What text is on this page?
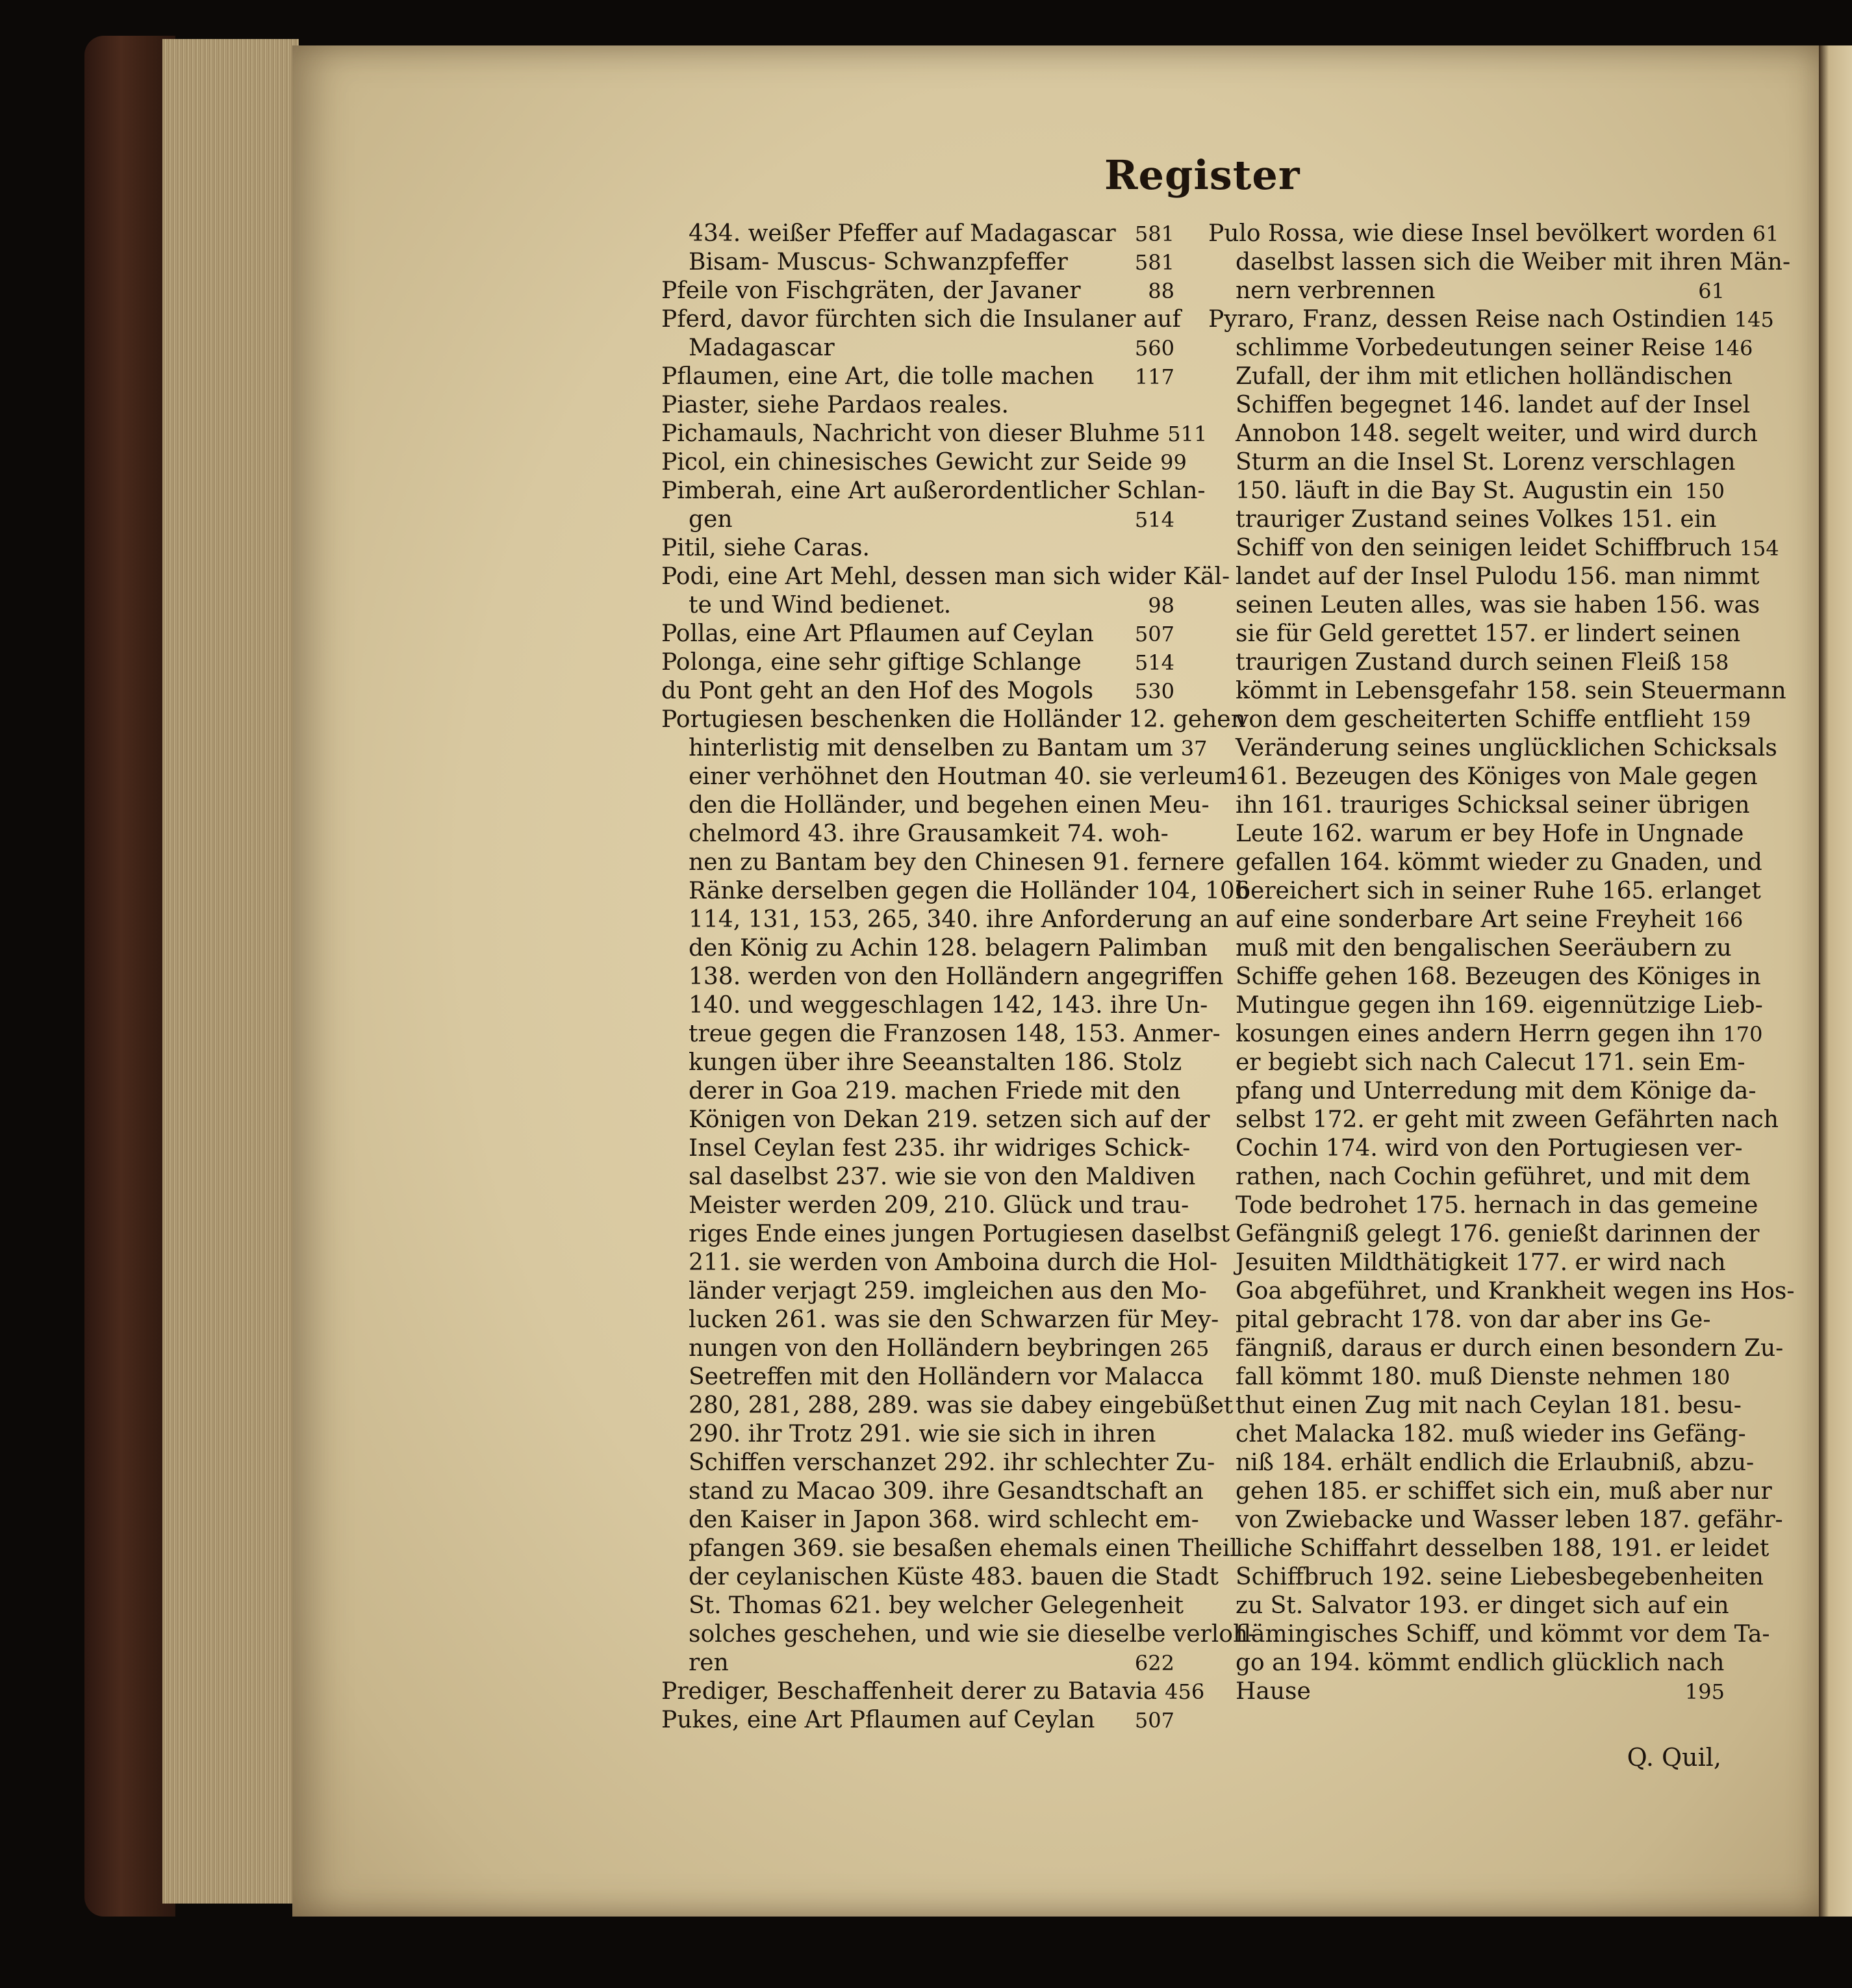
Register
434. weißer Pfeffer auf Madagascar 581
Bisam- Muscus- Schwanzpfeffer	581
Pfeile von Fischgräten, der Javaner	88
Pferd, davor fürchten sich die Insulaner auf
Madagascar	560
Pflaumen, eine Art, die tolle machen	117
Piaster, siehe Pardaos reales.
Pichamauls, Nachricht von dieser Bluhme 511
Picol, ein chinesisches Gewicht zur Seide 99
Pimberah, eine Art außerordentlicher Schlan-
gen	514
Pitil, siehe Caras.
Podi, eine Art Mehl, dessen man sich wider Käl-
te und Wind bedienet.	98
Pollas, eine Art Pflaumen auf Ceylan	507
Polonga, eine sehr giftige Schlange	514
du Pont geht an den Hof des Mogols	530
Portugiesen beschenken die Holländer 12. gehen
hinterlistig mit denselben zu Bantam um 37
einer verhöhnet den Houtman 40. sie verleum-
den die Holländer, und begehen einen Meu-
chelmord 43. ihre Grausamkeit 74. woh-
nen zu Bantam bey den Chinesen 91. fernere
Ränke derselben gegen die Holländer 104, 106
114, 131, 153, 265, 340. ihre Anforderung an
den König zu Achin 128. belagern Palimban
138. werden von den Holländern angegriffen
140. und weggeschlagen 142, 143. ihre Un-
treue gegen die Franzosen 148, 153. Anmer-
kungen über ihre Seeanstalten 186. Stolz
derer in Goa 219. machen Friede mit den
Königen von Dekan 219. setzen sich auf der
Insel Ceylan fest 235. ihr widriges Schick-
sal daselbst 237. wie sie von den Maldiven
Meister werden 209, 210. Glück und trau-
riges Ende eines jungen Portugiesen daselbst
211. sie werden von Amboina durch die Hol-
länder verjagt 259. imgleichen aus den Mo-
lucken 261. was sie den Schwarzen für Mey-
nungen von den Holländern beybringen 265
Seetreffen mit den Holländern vor Malacca
280, 281, 288, 289. was sie dabey eingebüßet
290. ihr Trotz 291. wie sie sich in ihren
Schiffen verschanzet 292. ihr schlechter Zu-
stand zu Macao 309. ihre Gesandtschaft an
den Kaiser in Japon 368. wird schlecht em-
pfangen 369. sie besaßen ehemals einen Theil
der ceylanischen Küste 483. bauen die Stadt
St. Thomas 621. bey welcher Gelegenheit
solches geschehen, und wie sie dieselbe verloh-
ren	622
Prediger, Beschaffenheit derer zu Batavia 456
Pukes, eine Art Pflaumen auf Ceylan	507
Pulo Rossa, wie diese Insel bevölkert worden 61
daselbst lassen sich die Weiber mit ihren Män-
nern verbrennen	61
Pyraro, Franz, dessen Reise nach Ostindien 145
schlimme Vorbedeutungen seiner Reise 146
Zufall, der ihm mit etlichen holländischen
Schiffen begegnet 146. landet auf der Insel
Annobon 148. segelt weiter, und wird durch
Sturm an die Insel St. Lorenz verschlagen
150. läuft in die Bay St. Augustin ein 150
trauriger Zustand seines Volkes 151. ein
Schiff von den seinigen leidet Schiffbruch 154
landet auf der Insel Pulodu 156. man nimmt
seinen Leuten alles, was sie haben 156. was
sie für Geld gerettet 157. er lindert seinen
traurigen Zustand durch seinen Fleiß 158
kömmt in Lebensgefahr 158. sein Steuermann
von dem gescheiterten Schiffe entflieht 159
Veränderung seines unglücklichen Schicksals
161. Bezeugen des Königes von Male gegen
ihn 161. trauriges Schicksal seiner übrigen
Leute 162. warum er bey Hofe in Ungnade
gefallen 164. kömmt wieder zu Gnaden, und
bereichert sich in seiner Ruhe 165. erlanget
auf eine sonderbare Art seine Freyheit 166
muß mit den bengalischen Seeräubern zu
Schiffe gehen 168. Bezeugen des Königes in
Mutingue gegen ihn 169. eigennützige Lieb-
kosungen eines andern Herrn gegen ihn 170
er begiebt sich nach Calecut 171. sein Em-
pfang und Unterredung mit dem Könige da-
selbst 172. er geht mit zween Gefährten nach
Cochin 174. wird von den Portugiesen ver-
rathen, nach Cochin geführet, und mit dem
Tode bedrohet 175. hernach in das gemeine
Gefängniß gelegt 176. genießt darinnen der
Jesuiten Mildthätigkeit 177. er wird nach
Goa abgeführet, und Krankheit wegen ins Hos-
pital gebracht 178. von dar aber ins Ge-
fängniß, daraus er durch einen besondern Zu-
fall kömmt 180. muß Dienste nehmen 180
thut einen Zug mit nach Ceylan 181. besu-
chet Malacka 182. muß wieder ins Gefäng-
niß 184. erhält endlich die Erlaubniß, abzu-
gehen 185. er schiffet sich ein, muß aber nur
von Zwiebacke und Wasser leben 187. gefähr-
liche Schiffahrt desselben 188, 191. er leidet
Schiffbruch 192. seine Liebesbegebenheiten
zu St. Salvator 193. er dinget sich auf ein
flämingisches Schiff, und kömmt vor dem Ta-
go an 194. kömmt endlich glücklich nach
Hause	195
Q. Quil,
